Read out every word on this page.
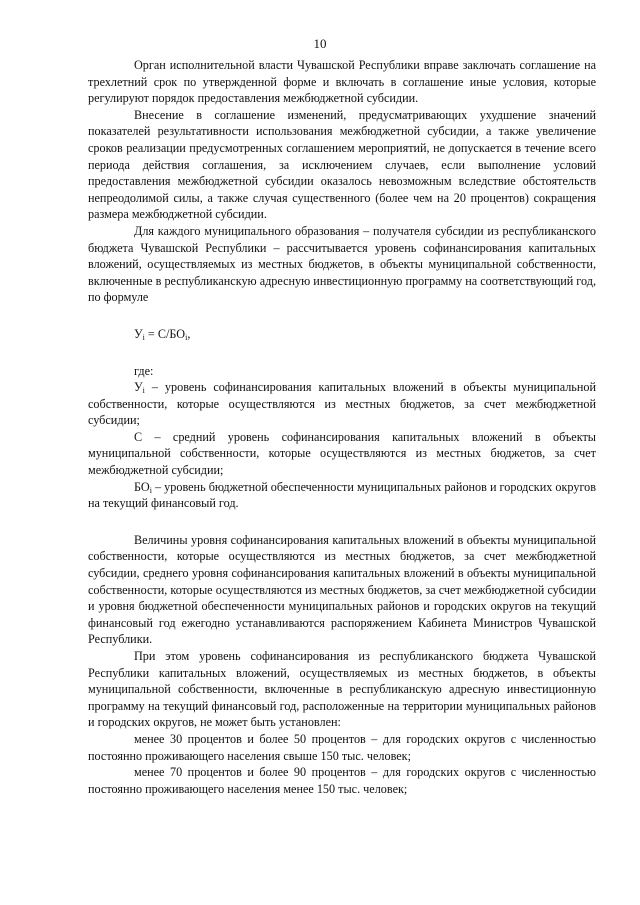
10

Орган исполнительной власти Чувашской Республики вправе заключать соглашение на трехлетний срок по утвержденной форме и включать в соглашение иные условия, которые регулируют порядок предоставления межбюджетной субсидии.

Внесение в соглашение изменений, предусматривающих ухудшение значений показателей результативности использования межбюджетной субсидии, а также увеличение сроков реализации предусмотренных соглашением мероприятий, не допускается в течение всего периода действия соглашения, за исключением случаев, если выполнение условий предоставления межбюджетной субсидии оказалось невозможным вследствие обстоятельств непреодолимой силы, а также случая существенного (более чем на 20 процентов) сокращения размера межбюджетной субсидии.

Для каждого муниципального образования – получателя субсидии из республиканского бюджета Чувашской Республики – рассчитывается уровень софинансирования капитальных вложений, осуществляемых из местных бюджетов, в объекты муниципальной собственности, включенные в республиканскую адресную инвестиционную программу на соответствующий год, по формуле

$У_i = С/БО_i$,

где:

$У_i$ – уровень софинансирования капитальных вложений в объекты муниципальной собственности, которые осуществляются из местных бюджетов, за счет межбюджетной субсидии;

С – средний уровень софинансирования капитальных вложений в объекты муниципальной собственности, которые осуществляются из местных бюджетов, за счет межбюджетной субсидии;

$БО_i$ – уровень бюджетной обеспеченности муниципальных районов и городских округов на текущий финансовый год.

Величины уровня софинансирования капитальных вложений в объекты муниципальной собственности, которые осуществляются из местных бюджетов, за счет межбюджетной субсидии, среднего уровня софинансирования капитальных вложений в объекты муниципальной собственности, которые осуществляются из местных бюджетов, за счет межбюджетной субсидии и уровня бюджетной обеспеченности муниципальных районов и городских округов на текущий финансовый год ежегодно устанавливаются распоряжением Кабинета Министров Чувашской Республики.

При этом уровень софинансирования из республиканского бюджета Чувашской Республики капитальных вложений, осуществляемых из местных бюджетов, в объекты муниципальной собственности, включенные в республиканскую адресную инвестиционную программу на текущий финансовый год, расположенные на территории муниципальных районов и городских округов, не может быть установлен:

менее 30 процентов и более 50 процентов – для городских округов с численностью постоянно проживающего населения свыше 150 тыс. человек;

менее 70 процентов и более 90 процентов – для городских округов с численностью постоянно проживающего населения менее 150 тыс. человек;
